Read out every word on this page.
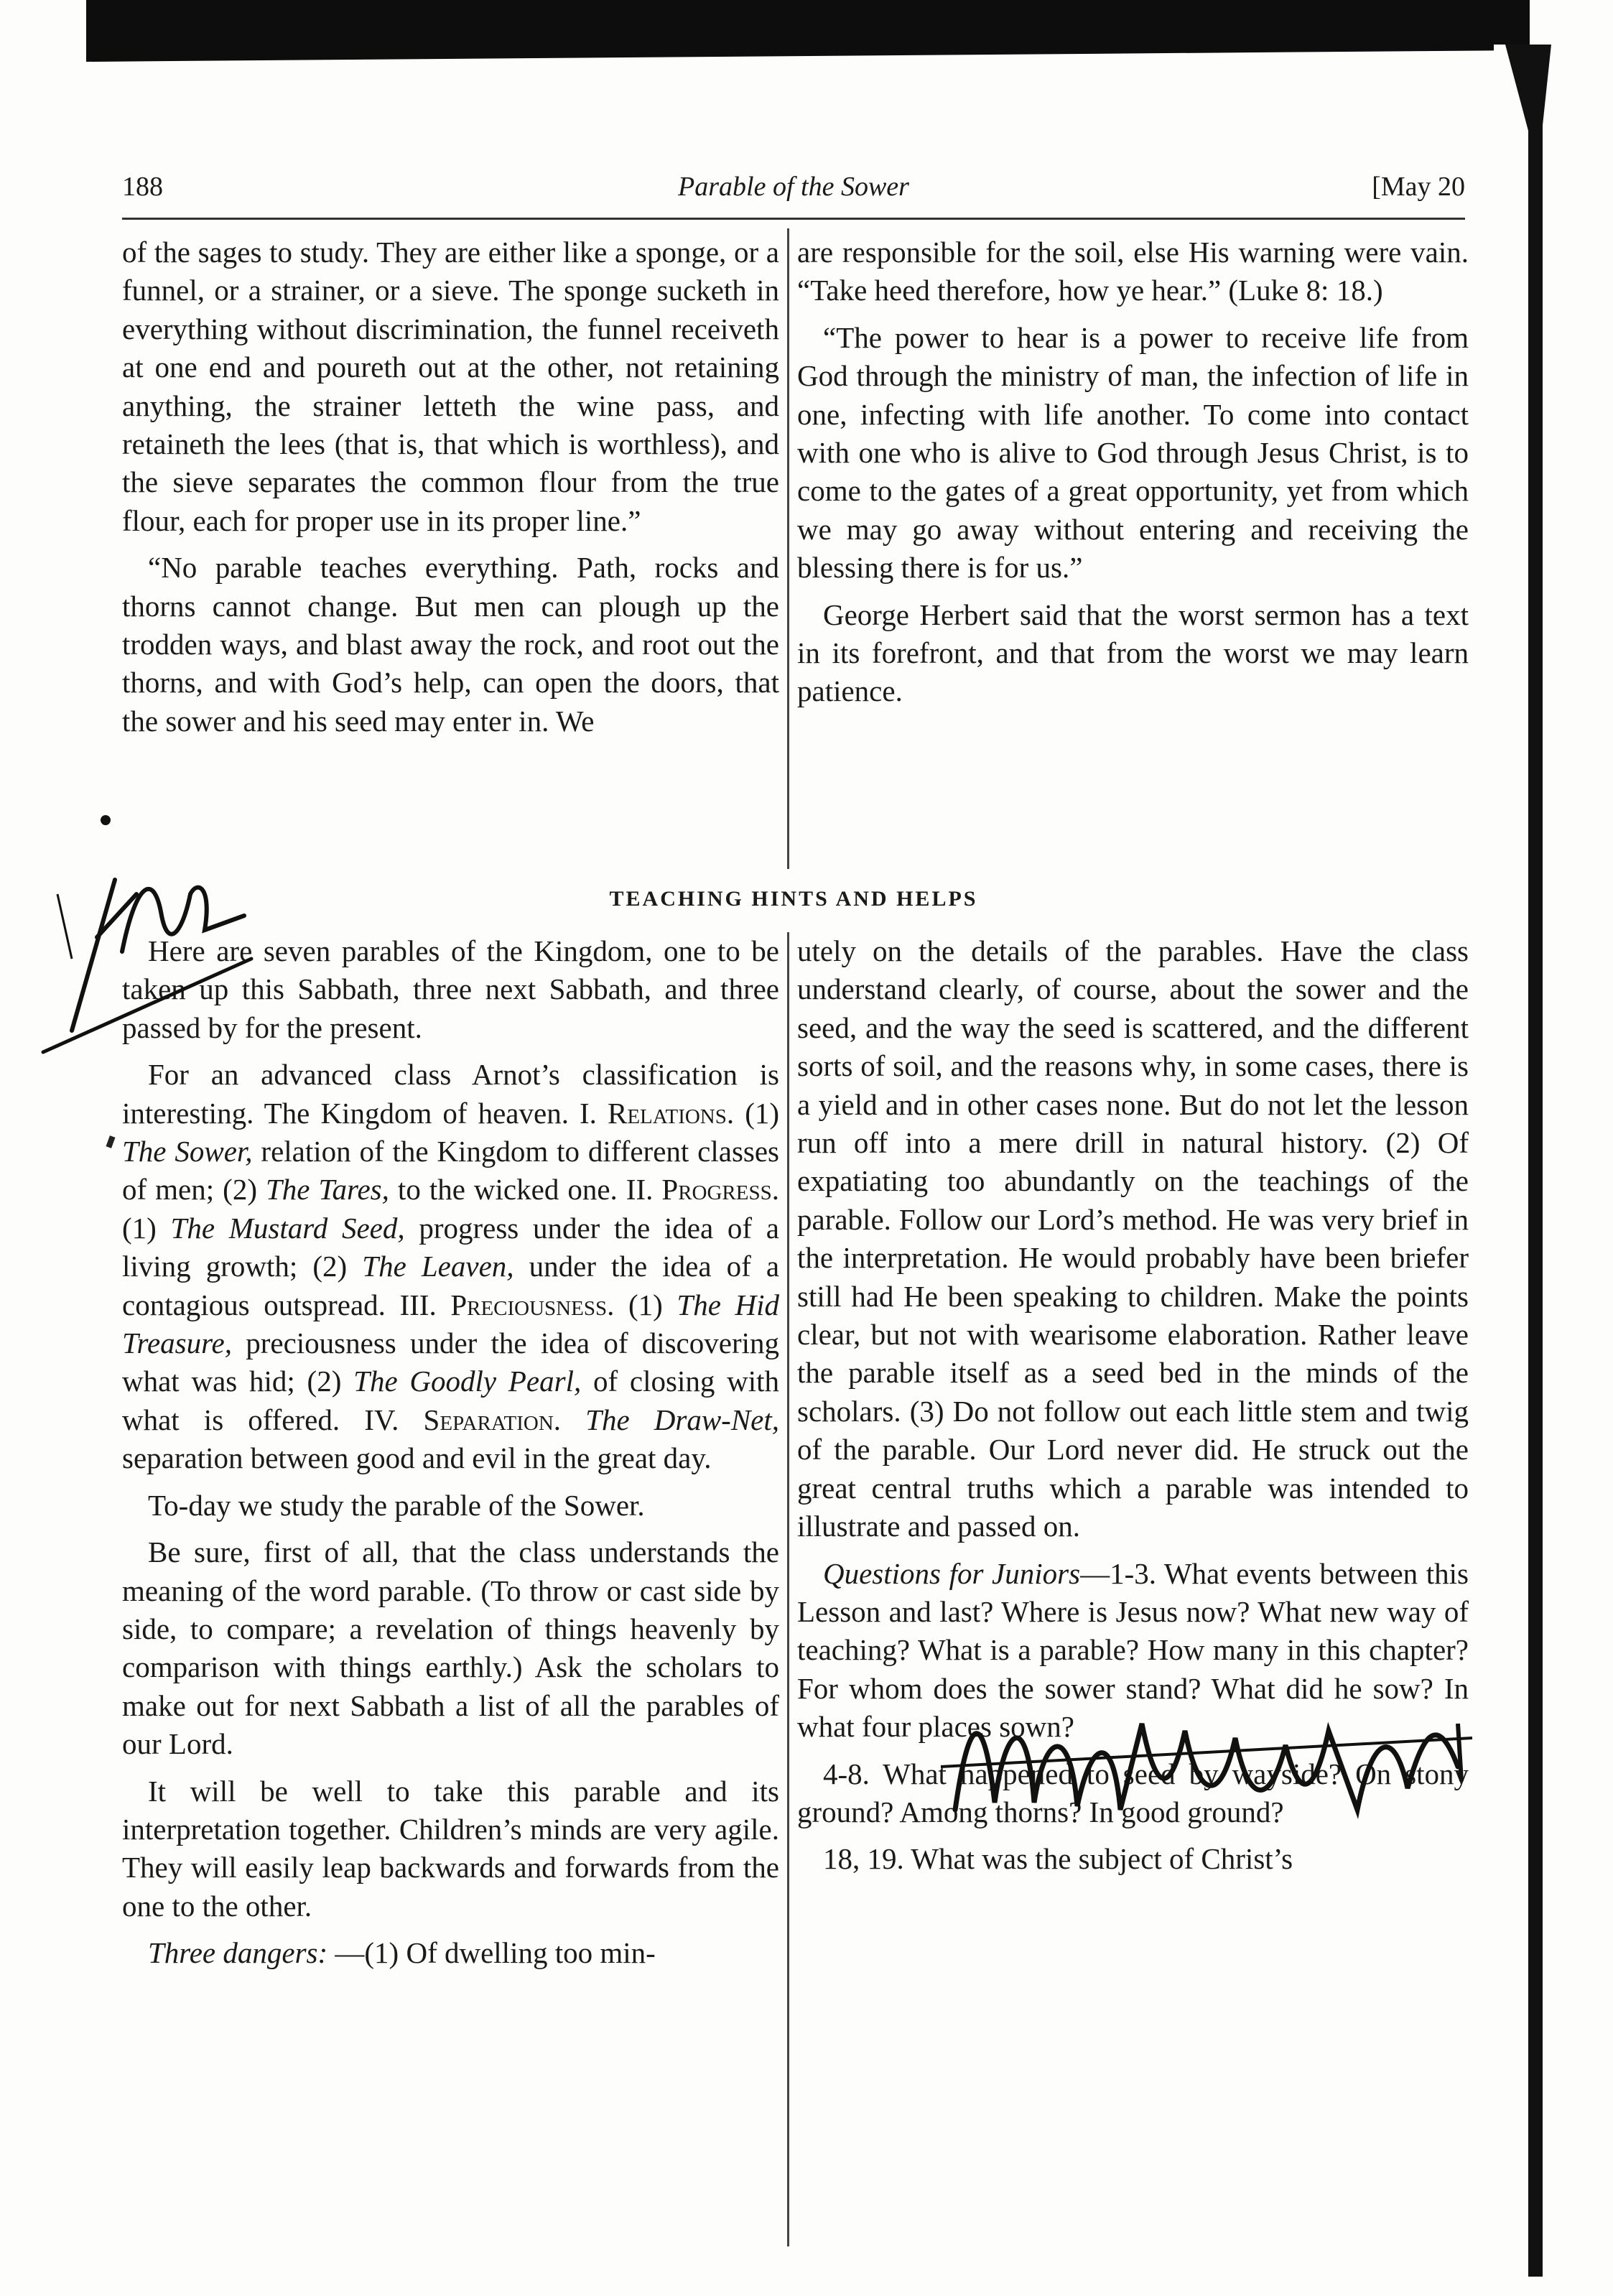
188	Parable of the Sower	[May 20

of the sages to study. They are either like a sponge, or a funnel, or a strainer, or a sieve. The sponge sucketh in everything without discrimination, the funnel receiveth at one end and poureth out at the other, not retaining anything, the strainer letteth the wine pass, and retaineth the lees (that is, that which is worthless), and the sieve separates the common flour from the true flour, each for proper use in its proper line.”

“No parable teaches everything. Path, rocks and thorns cannot change. But men can plough up the trodden ways, and blast away the rock, and root out the thorns, and with God’s help, can open the doors, that the sower and his seed may enter in. We

are responsible for the soil, else His warning were vain. “Take heed therefore, how ye hear.” (Luke 8: 18.)

“The power to hear is a power to receive life from God through the ministry of man, the infection of life in one, infecting with life another. To come into contact with one who is alive to God through Jesus Christ, is to come to the gates of a great opportunity, yet from which we may go away without entering and receiving the blessing there is for us.”

George Herbert said that the worst sermon has a text in its forefront, and that from the worst we may learn patience.

TEACHING HINTS AND HELPS

Here are seven parables of the Kingdom, one to be taken up this Sabbath, three next Sabbath, and three passed by for the present.

For an advanced class Arnot’s classification is interesting. The Kingdom of heaven. I. Relations. (1) The Sower, relation of the Kingdom to different classes of men; (2) The Tares, to the wicked one. II. Progress. (1) The Mustard Seed, progress under the idea of a living growth; (2) The Leaven, under the idea of a contagious outspread. III. Preciousness. (1) The Hid Treasure, preciousness under the idea of discovering what was hid; (2) The Goodly Pearl, of closing with what is offered. IV. Separation. The Draw-Net, separation between good and evil in the great day.

To-day we study the parable of the Sower.

Be sure, first of all, that the class understands the meaning of the word parable. (To throw or cast side by side, to compare; a revelation of things heavenly by comparison with things earthly.) Ask the scholars to make out for next Sabbath a list of all the parables of our Lord.

It will be well to take this parable and its interpretation together. Children’s minds are very agile. They will easily leap backwards and forwards from the one to the other.

Three dangers: —(1) Of dwelling too min-

utely on the details of the parables. Have the class understand clearly, of course, about the sower and the seed, and the way the seed is scattered, and the different sorts of soil, and the reasons why, in some cases, there is a yield and in other cases none. But do not let the lesson run off into a mere drill in natural history. (2) Of expatiating too abundantly on the teachings of the parable. Follow our Lord’s method. He was very brief in the interpretation. He would probably have been briefer still had He been speaking to children. Make the points clear, but not with wearisome elaboration. Rather leave the parable itself as a seed bed in the minds of the scholars. (3) Do not follow out each little stem and twig of the parable. Our Lord never did. He struck out the great central truths which a parable was intended to illustrate and passed on.

Questions for Juniors—1-3. What events between this Lesson and last? Where is Jesus now? What new way of teaching? What is a parable? How many in this chapter? For whom does the sower stand? What did he sow? In what four places sown?

4-8. What happened to seed by wayside? On stony ground? Among thorns? In good ground?

18, 19. What was the subject of Christ’s
